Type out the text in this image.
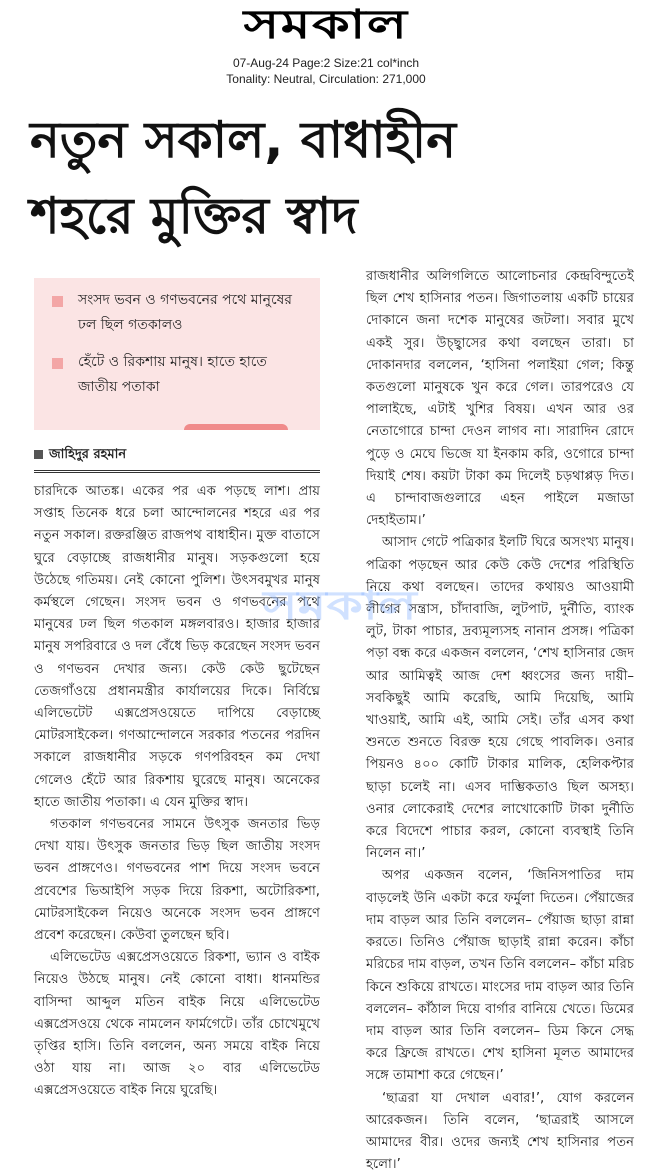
সমকাল
07-Aug-24 Page:2 Size:21 col*inch
Tonality: Neutral, Circulation: 271,000
নতুন সকাল, বাধাহীন
শহরে মুক্তির স্বাদ
সংসদ ভবন ও গণভবনের পথে মানুষের ঢল ছিল গতকালও
হেঁটে ও রিকশায় মানুষ। হাতে হাতে জাতীয় পতাকা
জাহিদুর রহমান

চারদিকে আতঙ্ক। একের পর এক পড়ছে লাশ। প্রায় সপ্তাহ তিনেক ধরে চলা আন্দোলনের শহরে এর পর নতুন সকাল। রক্তরঞ্জিত রাজপথ বাধাহীন। মুক্ত বাতাসে ঘুরে বেড়াচ্ছে রাজধানীর মানুষ। সড়কগুলো হয়ে উঠেছে গতিময়। নেই কোনো পুলিশ। উৎসবমুখর মানুষ কর্মস্থলে গেছেন। সংসদ ভবন ও গণভবনের পথে মানুষের ঢল ছিল গতকাল মঙ্গলবারও। হাজার হাজার মানুষ সপরিবারে ও দল বেঁধে ভিড় করেছেন সংসদ ভবন ও গণভবন দেখার জন্য। কেউ কেউ ছুটেছেন তেজগাঁওয়ে প্রধানমন্ত্রীর কার্যালয়ের দিকে। নির্বিঘ্নে এলিভেটেট এক্সপ্রেসওয়েতে দাপিয়ে বেড়াচ্ছে মোটরসাইকেল। গণআন্দোলনে সরকার পতনের পরদিন সকালে রাজধানীর সড়কে গণপরিবহন কম দেখা গেলেও হেঁটে আর রিকশায় ঘুরেছে মানুষ। অনেকের হাতে জাতীয় পতাকা। এ যেন মুক্তির স্বাদ।

গতকাল গণভবনের সামনে উৎসুক জনতার ভিড় দেখা যায়। উৎসুক জনতার ভিড় ছিল জাতীয় সংসদ ভবন প্রাঙ্গণেও। গণভবনের পাশ দিয়ে সংসদ ভবনে প্রবেশের ভিআইপি সড়ক দিয়ে রিকশা, অটোরিকশা, মোটরসাইকেল নিয়েও অনেকে সংসদ ভবন প্রাঙ্গণে প্রবেশ করেছেন। কেউবা তুলছেন ছবি।

এলিভেটেড এক্সপ্রেসওয়েতে রিকশা, ভ্যান ও বাইক নিয়েও উঠছে মানুষ। নেই কোনো বাধা। ধানমন্ডির বাসিন্দা আব্দুল মতিন বাইক নিয়ে এলিভেটেড এক্সপ্রেসওয়ে থেকে নামলেন ফার্মগেটে। তাঁর চোখেমুখে তৃপ্তির হাসি। তিনি বললেন, অন্য সময়ে বাইক নিয়ে ওঠা যায় না। আজ ২০ বার এলিভেটেড এক্সপ্রেসওয়েতে বাইক নিয়ে ঘুরেছি।

রাজধানীর অলিগলিতে আলোচনার কেন্দ্রবিন্দুতেই ছিল শেখ হাসিনার পতন। জিগাতলায় একটি চায়ের দোকানে জনা দশেক মানুষের জটলা। সবার মুখে একই সুর। উচ্ছ্বাসের কথা বলছেন তারা। চা দোকানদার বললেন, ‘হাসিনা পলাইয়া গেল; কিন্তু কতগুলো মানুষকে খুন করে গেল। তারপরেও যে পালাইছে, এটাই খুশির বিষয়। এখন আর ওর নেতাগোরে চান্দা দেওন লাগব না। সারাদিন রোদে পুড়ে ও মেঘে ভিজে যা ইনকাম করি, ওগোরে চান্দা দিয়াই শেষ। কয়টা টাকা কম দিলেই চড়থাপ্পড় দিত। এ চান্দাবাজগুলারে এহন পাইলে মজাডা দেহাইতাম।’

আসাদ গেটে পত্রিকার ইলটি ঘিরে অসংখ্য মানুষ। পত্রিকা পড়ছেন আর কেউ কেউ দেশের পরিস্থিতি নিয়ে কথা বলছেন। তাদের কথায়ও আওয়ামী লীগের সন্ত্রাস, চাঁদাবাজি, লুটপাট, দুর্নীতি, ব্যাংক লুট, টাকা পাচার, দ্রব্যমূল্যসহ নানান প্রসঙ্গ। পত্রিকা পড়া বন্ধ করে একজন বললেন, ‘শেখ হাসিনার জেদ আর আমিত্বই আজ দেশ ধ্বংসের জন্য দায়ী– সবকিছুই আমি করেছি, আমি দিয়েছি, আমি খাওয়াই, আমি এই, আমি সেই। তাঁর এসব কথা শুনতে শুনতে বিরক্ত হয়ে গেছে পাবলিক। ওনার পিয়নও ৪০০ কোটি টাকার মালিক, হেলিকপ্টার ছাড়া চলেই না। এসব দাম্ভিকতাও ছিল অসহ্য। ওনার লোকেরাই দেশের লাখোকোটি টাকা দুর্নীতি করে বিদেশে পাচার করল, কোনো ব্যবস্থাই তিনি নিলেন না।’

অপর একজন বলেন, ‘জিনিসপাতির দাম বাড়লেই উনি একটা করে ফর্মুলা দিতেন। পেঁয়াজের দাম বাড়ল আর তিনি বললেন– পেঁয়াজ ছাড়া রান্না করতে। তিনিও পেঁয়াজ ছাড়াই রান্না করেন। কাঁচা মরিচের দাম বাড়ল, তখন তিনি বললেন– কাঁচা মরিচ কিনে শুকিয়ে রাখতে। মাংসের দাম বাড়ল আর তিনি বললেন– কাঁঠাল দিয়ে বার্গার বানিয়ে খেতে। ডিমের দাম বাড়ল আর তিনি বললেন– ডিম কিনে সেদ্ধ করে ফ্রিজে রাখতে। শেখ হাসিনা মূলত আমাদের সঙ্গে তামাশা করে গেছেন।’

‘ছাত্ররা যা দেখাল এবার!’, যোগ করলেন আরেকজন। তিনি বলেন, ‘ছাত্ররাই আসলে আমাদের বীর। ওদের জন্যই শেখ হাসিনার পতন হলো।’

সমকাল
